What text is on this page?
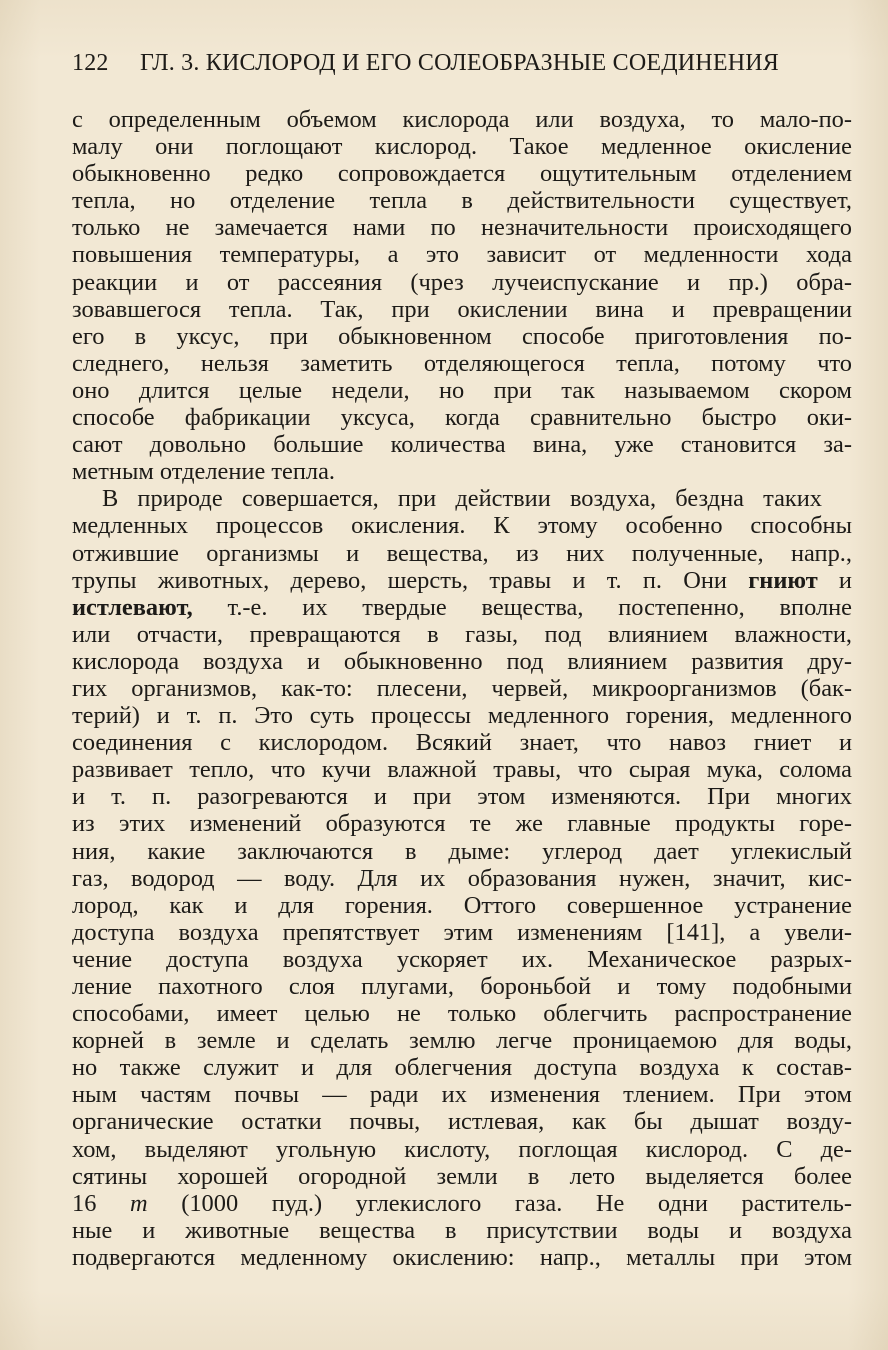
122 ГЛ. 3. КИСЛОРОД И ЕГО СОЛЕОБРАЗНЫЕ СОЕДИНЕНИЯ
с определенным объемом кислорода или воздуха, то мало-по-
малу они поглощают кислород. Такое медленное окисление
обыкновенно редко сопровождается ощутительным отделением
тепла, но отделение тепла в действительности существует,
только не замечается нами по незначительности происходящего
повышения температуры, а это зависит от медленности хода
реакции и от рассеяния (чрез лучеиспускание и пр.) обра-
зовавшегося тепла. Так, при окислении вина и превращении
его в уксус, при обыкновенном способе приготовления по-
следнего, нельзя заметить отделяющегося тепла, потому что
оно длится целые недели, но при так называемом скором
способе фабрикации уксуса, когда сравнительно быстро оки-
сают довольно большие количества вина, уже становится за-
метным отделение тепла.
В природе совершается, при действии воздуха, бездна таких
медленных процессов окисления. К этому особенно способны
отжившие организмы и вещества, из них полученные, напр.,
трупы животных, дерево, шерсть, травы и т. п. Они гниют и
истлевают, т.-е. их твердые вещества, постепенно, вполне
или отчасти, превращаются в газы, под влиянием влажности,
кислорода воздуха и обыкновенно под влиянием развития дру-
гих организмов, как-то: плесени, червей, микроорганизмов (бак-
терий) и т. п. Это суть процессы медленного горения, медленного
соединения с кислородом. Всякий знает, что навоз гниет и
развивает тепло, что кучи влажной травы, что сырая мука, солома
и т. п. разогреваются и при этом изменяются. При многих
из этих изменений образуются те же главные продукты горе-
ния, какие заключаются в дыме: углерод дает углекислый
газ, водород — воду. Для их образования нужен, значит, кис-
лород, как и для горения. Оттого совершенное устранение
доступа воздуха препятствует этим изменениям [141], а увели-
чение доступа воздуха ускоряет их. Механическое разрых-
ление пахотного слоя плугами, бороньбой и тому подобными
способами, имеет целью не только облегчить распространение
корней в земле и сделать землю легче проницаемою для воды,
но также служит и для облегчения доступа воздуха к состав-
ным частям почвы — ради их изменения тлением. При этом
органические остатки почвы, истлевая, как бы дышат возду-
хом, выделяют угольную кислоту, поглощая кислород. С де-
сятины хорошей огородной земли в лето выделяется более
16 т (1000 пуд.) углекислого газа. Не одни раститель-
ные и животные вещества в присутствии воды и воздуха
подвергаются медленному окислению: напр., металлы при этом
